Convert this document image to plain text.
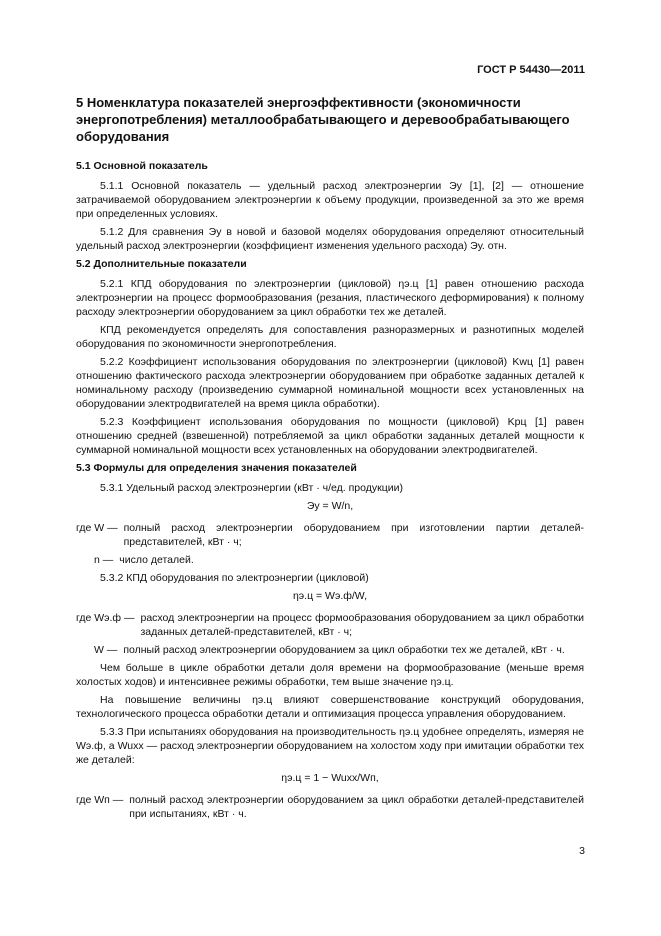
ГОСТ Р 54430—2011
5 Номенклатура показателей энергоэффективности (экономичности энергопотребления) металлообрабатывающего и деревообрабатывающего оборудования
5.1 Основной показатель

5.1.1 Основной показатель — удельный расход электроэнергии Эу [1], [2] — отношение затрачиваемой оборудованием электроэнергии к объему продукции, произведенной за это же время при определенных условиях.

5.1.2 Для сравнения Эу в новой и базовой моделях оборудования определяют относительный удельный расход электроэнергии (коэффициент изменения удельного расхода) Эу. отн.

5.2 Дополнительные показатели

5.2.1 КПД оборудования по электроэнергии (цикловой) ηэ.ц [1] равен отношению расхода электроэнергии на процесс формообразования (резания, пластического деформирования) к полному расходу электроэнергии оборудованием за цикл обработки тех же деталей.

КПД рекомендуется определять для сопоставления разноразмерных и разнотипных моделей оборудования по экономичности энергопотребления.

5.2.2 Коэффициент использования оборудования по электроэнергии (цикловой) Kwц [1] равен отношению фактического расхода электроэнергии оборудованием при обработке заданных деталей к номинальному расходу (произведению суммарной номинальной мощности всех установленных на оборудовании электродвигателей на время цикла обработки).

5.2.3 Коэффициент использования оборудования по мощности (цикловой) Kpц [1] равен отношению средней (взвешенной) потребляемой за цикл обработки заданных деталей мощности к суммарной номинальной мощности всех установленных на оборудовании электродвигателей.

5.3 Формулы для определения значения показателей

5.3.1 Удельный расход электроэнергии (кВт · ч/ед. продукции)

Эу = W/n,
где W — полный расход электроэнергии оборудованием при изготовлении партии деталей-представителей, кВт · ч;
n — число деталей.

5.3.2 КПД оборудования по электроэнергии (цикловой)

ηэ.ц = Wэ.ф/W,
где Wэ.ф — расход электроэнергии на процесс формообразования оборудованием за цикл обработки заданных деталей-представителей, кВт · ч;
W — полный расход электроэнергии оборудованием за цикл обработки тех же деталей, кВт · ч.

Чем больше в цикле обработки детали доля времени на формообразование (меньше время холостых ходов) и интенсивнее режимы обработки, тем выше значение ηэ.ц.

На повышение величины ηэ.ц влияют совершенствование конструкций оборудования, технологического процесса обработки детали и оптимизация процесса управления оборудованием.

5.3.3 При испытаниях оборудования на производительность ηэ.ц удобнее определять, измеряя не Wэ.ф, а Wuхх — расход электроэнергии оборудованием на холостом ходу при имитации обработки тех же деталей:

ηэ.ц = 1 − Wuхх/Wп,
где Wп — полный расход электроэнергии оборудованием за цикл обработки деталей-представителей при испытаниях, кВт · ч.
3
